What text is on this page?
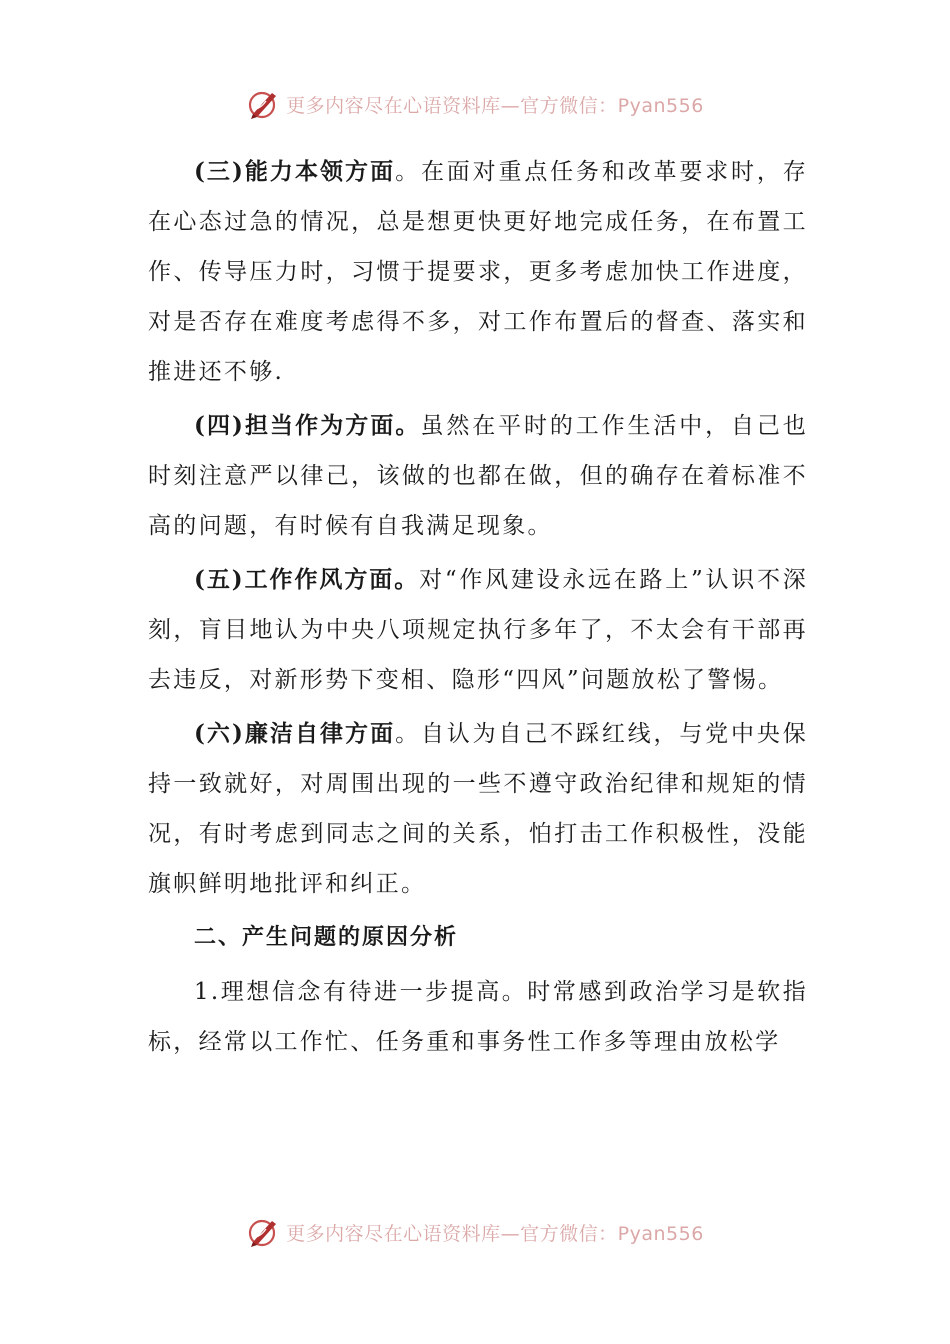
更多内容尽在心语资料库—官方微信：Pyan556

(三)能力本领方面。在面对重点任务和改革要求时，存在心态过急的情况，总是想更快更好地完成任务，在布置工作、传导压力时，习惯于提要求，更多考虑加快工作进度，对是否存在难度考虑得不多，对工作布置后的督查、落实和推进还不够.

(四)担当作为方面。虽然在平时的工作生活中，自己也时刻注意严以律己，该做的也都在做，但的确存在着标准不高的问题，有时候有自我满足现象。

(五)工作作风方面。对“作风建设永远在路上”认识不深刻，肓目地认为中央八项规定执行多年了，不太会有干部再去违反，对新形势下变相、隐形“四风”问题放松了警惕。

(六)廉洁自律方面。自认为自己不踩红线，与党中央保持一致就好，对周围出现的一些不遵守政治纪律和规矩的情况，有时考虑到同志之间的关系，怕打击工作积极性，没能旗帜鲜明地批评和纠正。

二、产生问题的原因分析

1.理想信念有待进一步提高。时常感到政治学习是软指标，经常以工作忙、任务重和事务性工作多等理由放松学

更多内容尽在心语资料库—官方微信：Pyan556
